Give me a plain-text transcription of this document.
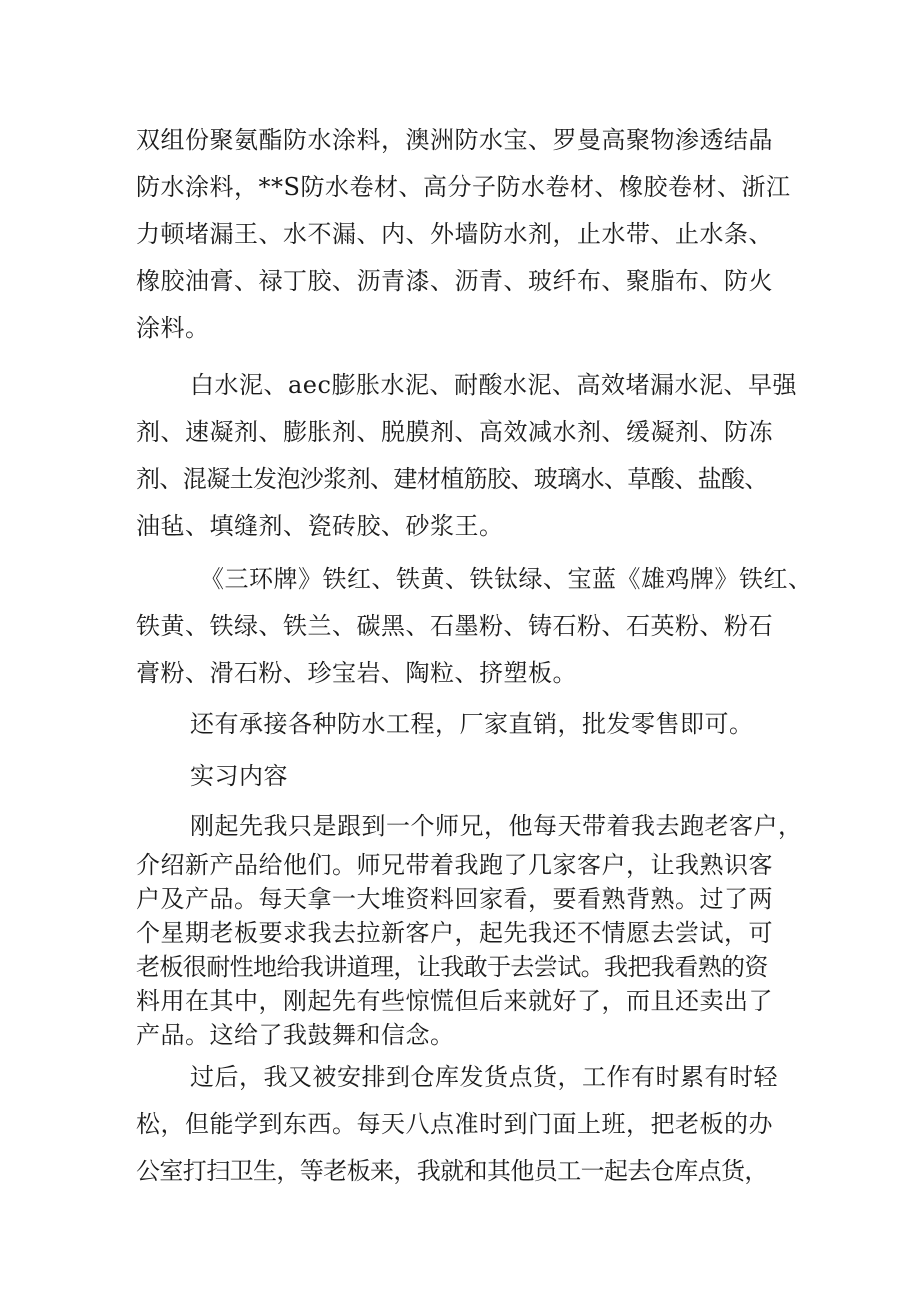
双组份聚氨酯防水涂料，澳洲防水宝、罗曼高聚物渗透结晶
防水涂料，**S防水卷材、高分子防水卷材、橡胶卷材、浙江
力顿堵漏王、水不漏、内、外墙防水剂，止水带、止水条、
橡胶油膏、禄丁胶、沥青漆、沥青、玻纤布、聚脂布、防火
涂料。
白水泥、aec膨胀水泥、耐酸水泥、高效堵漏水泥、早强
剂、速凝剂、膨胀剂、脱膜剂、高效减水剂、缓凝剂、防冻
剂、混凝土发泡沙浆剂、建材植筋胶、玻璃水、草酸、盐酸、
油毡、填缝剂、瓷砖胶、砂浆王。
《三环牌》铁红、铁黄、铁钛绿、宝蓝《雄鸡牌》铁红、
铁黄、铁绿、铁兰、碳黑、石墨粉、铸石粉、石英粉、粉石
膏粉、滑石粉、珍宝岩、陶粒、挤塑板。
还有承接各种防水工程，厂家直销，批发零售即可。
实习内容
刚起先我只是跟到一个师兄，他每天带着我去跑老客户，
介绍新产品给他们。师兄带着我跑了几家客户，让我熟识客
户及产品。每天拿一大堆资料回家看，要看熟背熟。过了两
个星期老板要求我去拉新客户，起先我还不情愿去尝试，可
老板很耐性地给我讲道理，让我敢于去尝试。我把我看熟的资
料用在其中，刚起先有些惊慌但后来就好了，而且还卖出了
产品。这给了我鼓舞和信念。
过后，我又被安排到仓库发货点货，工作有时累有时轻
松，但能学到东西。每天八点准时到门面上班，把老板的办
公室打扫卫生，等老板来，我就和其他员工一起去仓库点货，
